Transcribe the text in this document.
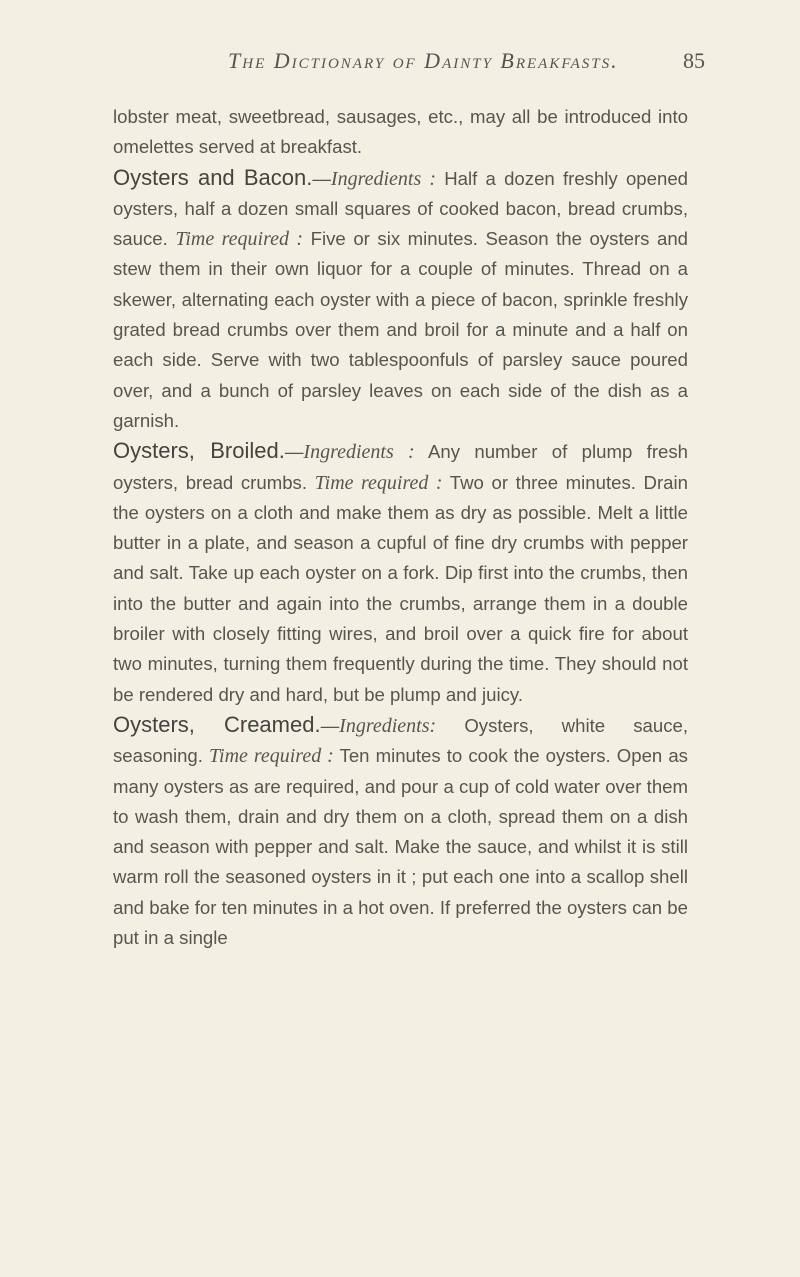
The Dictionary of Dainty Breakfasts.	85

lobster meat, sweetbread, sausages, etc., may all be introduced into omelettes served at breakfast.

Oysters and Bacon.—Ingredients : Half a dozen freshly opened oysters, half a dozen small squares of cooked bacon, bread crumbs, sauce. Time required : Five or six minutes. Season the oysters and stew them in their own liquor for a couple of minutes. Thread on a skewer, alternating each oyster with a piece of bacon, sprinkle freshly grated bread crumbs over them and broil for a minute and a half on each side. Serve with two tablespoonfuls of parsley sauce poured over, and a bunch of parsley leaves on each side of the dish as a garnish.

Oysters, Broiled.—Ingredients : Any number of plump fresh oysters, bread crumbs. Time required : Two or three minutes. Drain the oysters on a cloth and make them as dry as possible. Melt a little butter in a plate, and season a cupful of fine dry crumbs with pepper and salt. Take up each oyster on a fork. Dip first into the crumbs, then into the butter and again into the crumbs, arrange them in a double broiler with closely fitting wires, and broil over a quick fire for about two minutes, turning them frequently during the time. They should not be rendered dry and hard, but be plump and juicy.

Oysters, Creamed.—Ingredients: Oysters, white sauce, seasoning. Time required : Ten minutes to cook the oysters. Open as many oysters as are required, and pour a cup of cold water over them to wash them, drain and dry them on a cloth, spread them on a dish and season with pepper and salt. Make the sauce, and whilst it is still warm roll the seasoned oysters in it ; put each one into a scallop shell and bake for ten minutes in a hot oven. If preferred the oysters can be put in a single
